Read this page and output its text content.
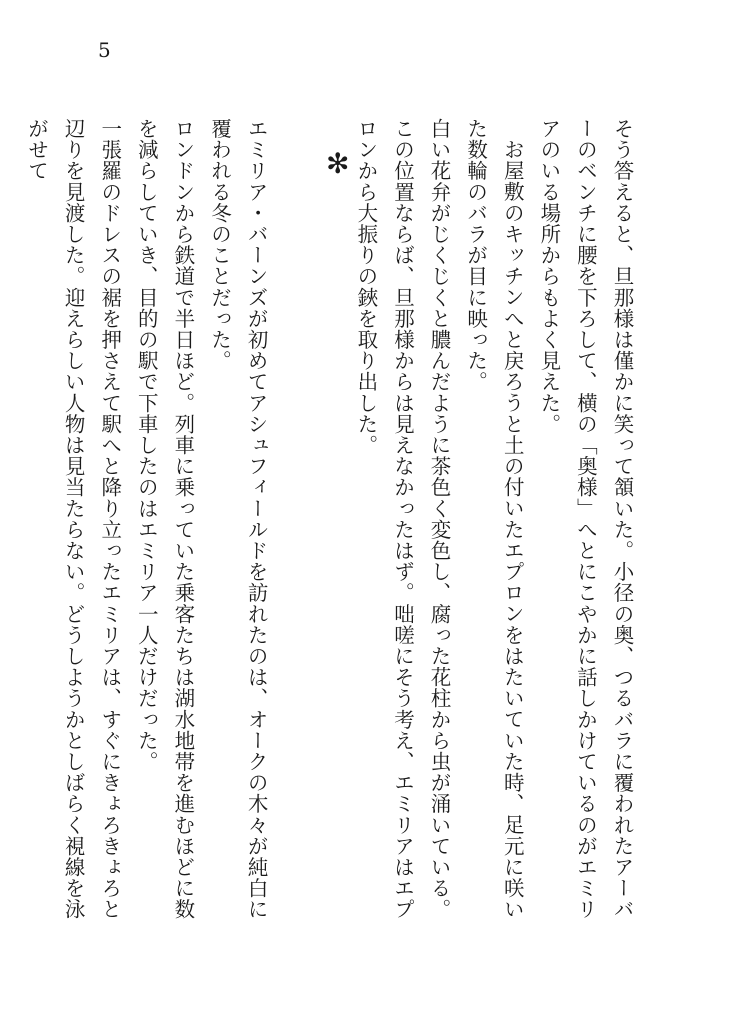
5

そう答えると、旦那様は僅かに笑って頷いた。小径の奥、つるバラに覆われたアーバーのベンチに腰を下ろして、横の「奥様」へとにこやかに話しかけているのがエミリアのいる場所からもよく見えた。

お屋敷のキッチンへと戻ろうと土の付いたエプロンをはたいていた時、足元に咲いた数輪のバラが目に映った。

白い花弁がじくじくと膿んだように茶色く変色し、腐った花柱から虫が涌いている。

この位置ならば、旦那様からは見えなかったはず。咄嗟にそう考え、エミリアはエプロンから大振りの鋏を取り出した。

エミリア・バーンズが初めてアシュフィールドを訪れたのは、オークの木々が純白に覆われる冬のことだった。

ロンドンから鉄道で半日ほど。列車に乗っていた乗客たちは湖水地帯を進むほどに数を減らしていき、目的の駅で下車したのはエミリア一人だけだった。

一張羅のドレスの裾を押さえて駅へと降り立ったエミリアは、すぐにきょろきょろと辺りを見渡した。迎えらしい人物は見当たらない。どうしようかとしばらく視線を泳がせて	✻
